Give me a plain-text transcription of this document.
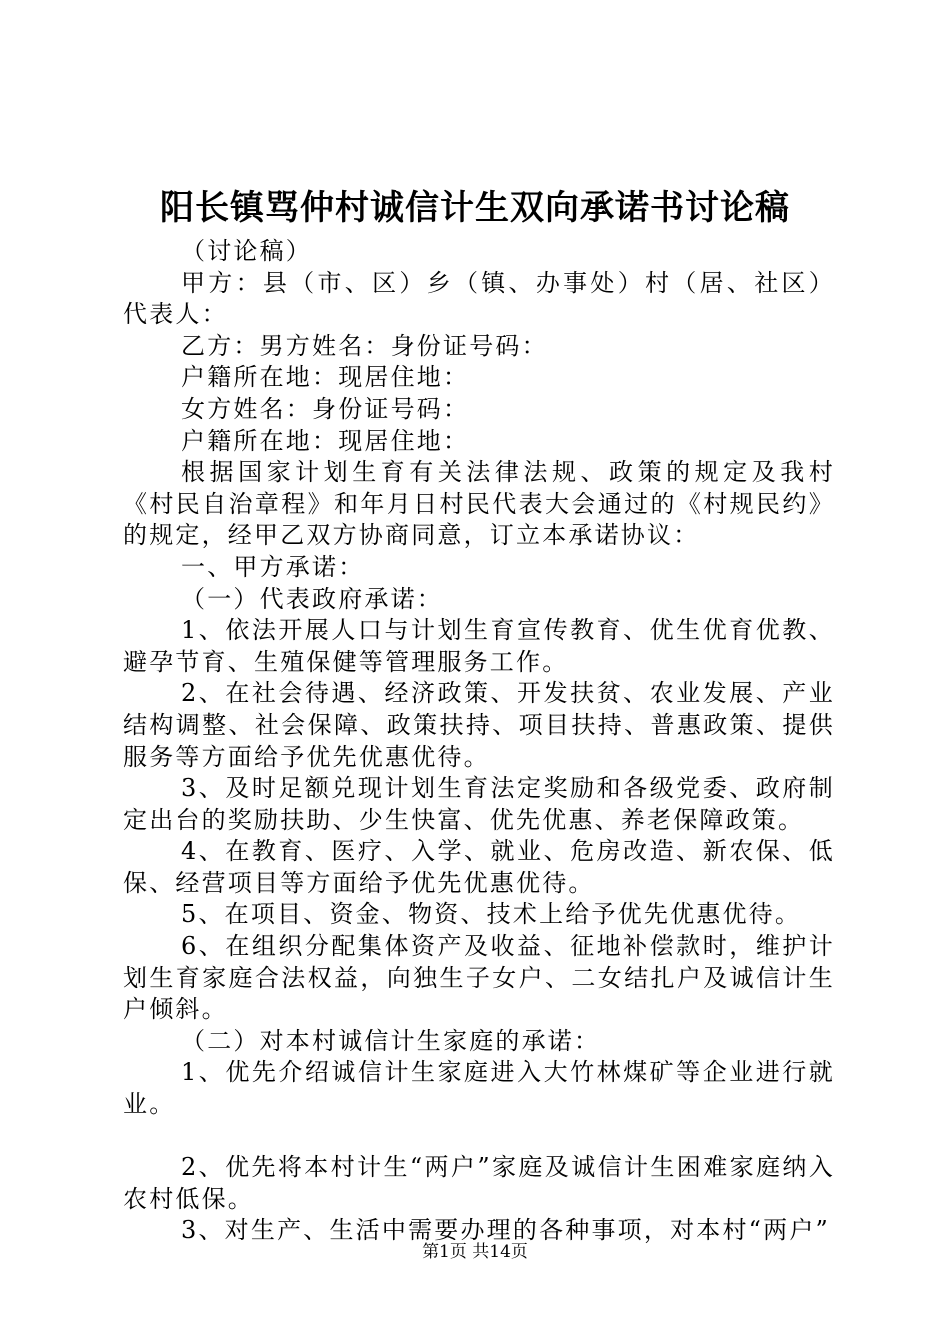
阳长镇骂仲村诚信计生双向承诺书讨论稿

（讨论稿）

甲方：县（市、区）乡（镇、办事处）村（居、社区）代表人：

乙方：男方姓名：身份证号码：

户籍所在地：现居住地：

女方姓名：身份证号码：

户籍所在地：现居住地：

根据国家计划生育有关法律法规、政策的规定及我村《村民自治章程》和年月日村民代表大会通过的《村规民约》的规定，经甲乙双方协商同意，订立本承诺协议：

一、甲方承诺：

（一）代表政府承诺：

1、依法开展人口与计划生育宣传教育、优生优育优教、避孕节育、生殖保健等管理服务工作。

2、在社会待遇、经济政策、开发扶贫、农业发展、产业结构调整、社会保障、政策扶持、项目扶持、普惠政策、提供服务等方面给予优先优惠优待。

3、及时足额兑现计划生育法定奖励和各级党委、政府制定出台的奖励扶助、少生快富、优先优惠、养老保障政策。

4、在教育、医疗、入学、就业、危房改造、新农保、低保、经营项目等方面给予优先优惠优待。

5、在项目、资金、物资、技术上给予优先优惠优待。

6、在组织分配集体资产及收益、征地补偿款时，维护计划生育家庭合法权益，向独生子女户、二女结扎户及诚信计生户倾斜。

（二）对本村诚信计生家庭的承诺：

1、优先介绍诚信计生家庭进入大竹林煤矿等企业进行就业。

2、优先将本村计生“两户”家庭及诚信计生困难家庭纳入农村低保。

3、对生产、生活中需要办理的各种事项，对本村“两户”

第1页 共14页
